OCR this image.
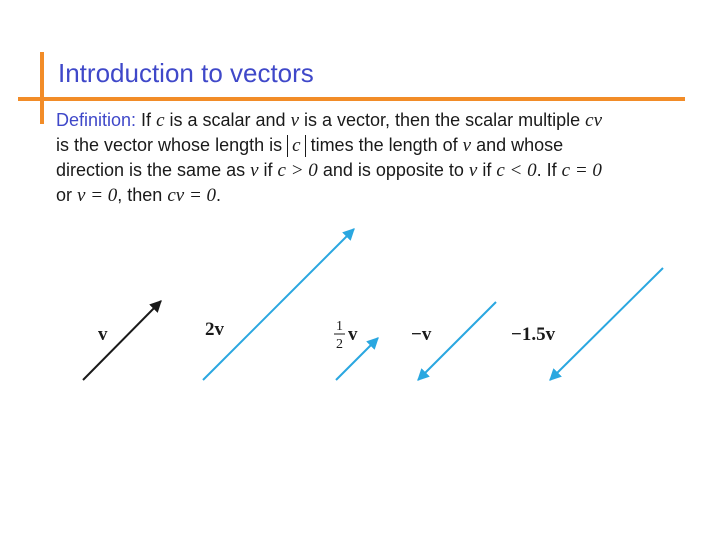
Introduction to vectors
Definition: If c is a scalar and v is a vector, then the scalar multiple cv
is the vector whose length is c times the length of v and whose
direction is the same as v if c > 0 and is opposite to v if c < 0. If c = 0
or v = 0, then cv = 0.
v	2v	1
2 v	−v	−1.5v
